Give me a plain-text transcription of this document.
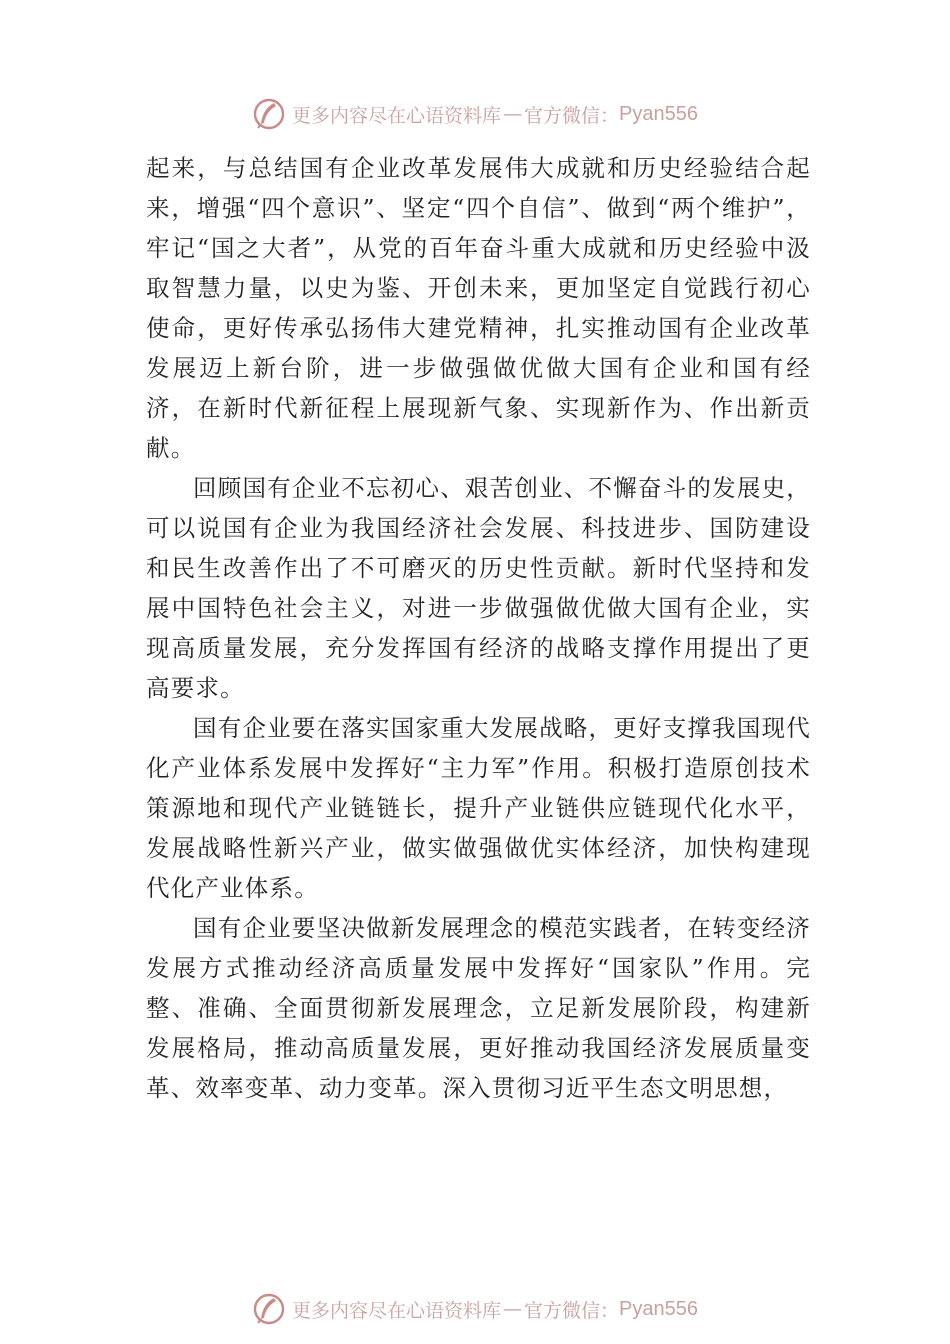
更多内容尽在心语资料库 — 官方微信： Pyan556

起来，与总结国有企业改革发展伟大成就和历史经验结合起来，增强“四个意识”、坚定“四个自信”、做到“两个维护”，牢记“国之大者”，从党的百年奋斗重大成就和历史经验中汲取智慧力量，以史为鉴、开创未来，更加坚定自觉践行初心使命，更好传承弘扬伟大建党精神，扎实推动国有企业改革发展迈上新台阶，进一步做强做优做大国有企业和国有经济，在新时代新征程上展现新气象、实现新作为、作出新贡献。

回顾国有企业不忘初心、艰苦创业、不懈奋斗的发展史，可以说国有企业为我国经济社会发展、科技进步、国防建设和民生改善作出了不可磨灭的历史性贡献。新时代坚持和发展中国特色社会主义，对进一步做强做优做大国有企业，实现高质量发展，充分发挥国有经济的战略支撑作用提出了更高要求。

国有企业要在落实国家重大发展战略，更好支撑我国现代化产业体系发展中发挥好“主力军”作用。积极打造原创技术策源地和现代产业链链长，提升产业链供应链现代化水平，发展战略性新兴产业，做实做强做优实体经济，加快构建现代化产业体系。

国有企业要坚决做新发展理念的模范实践者，在转变经济发展方式推动经济高质量发展中发挥好“国家队”作用。完整、准确、全面贯彻新发展理念，立足新发展阶段，构建新发展格局，推动高质量发展，更好推动我国经济发展质量变革、效率变革、动力变革。深入贯彻习近平生态文明思想，

更多内容尽在心语资料库 — 官方微信： Pyan556
